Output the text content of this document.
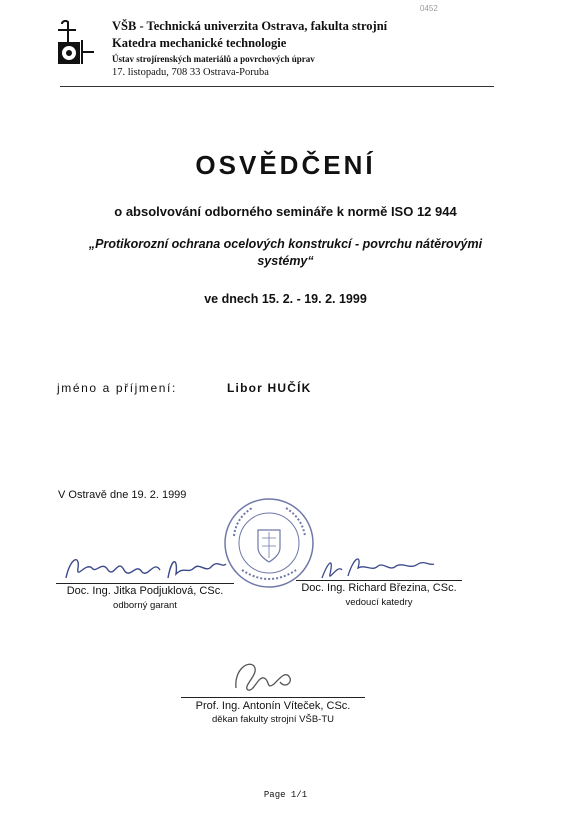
0452
VŠB - Technická univerzita Ostrava, fakulta strojní
Katedra mechanické technologie
Ústav strojírenských materiálů a povrchových úprav
17. listopadu, 708 33 Ostrava-Poruba
OSVĚDČENÍ
o absolvování odborného semináře k normě ISO 12 944
„Protikorozní ochrana ocelových konstrukcí - povrchu nátěrovými systémy“
ve dnech 15. 2. - 19. 2. 1999
jméno a příjmení:	Libor HUČÍK
V Ostravě dne 19. 2. 1999
Doc. Ing. Jitka Podjuklová, CSc.
odborný garant
Doc. Ing. Richard Březina, CSc.
vedoucí katedry
Prof. Ing. Antonín Víteček, CSc.
děkan fakulty strojní VŠB-TU
Page 1/1
